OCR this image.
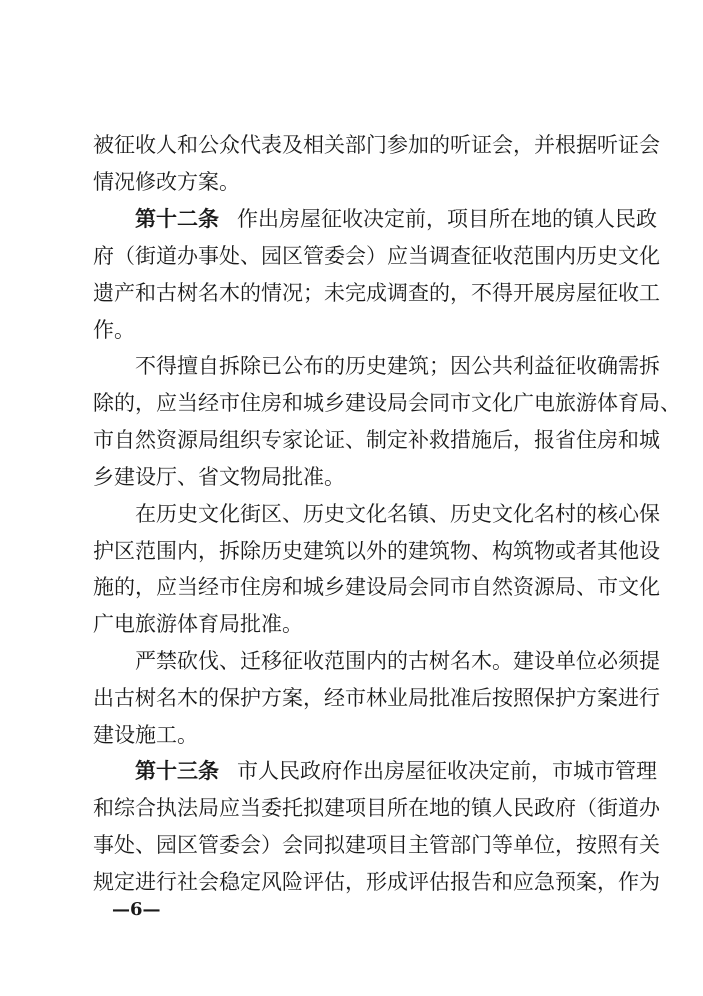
被征收人和公众代表及相关部门参加的听证会，并根据听证会
情况修改方案。
第十二条 作出房屋征收决定前，项目所在地的镇人民政
府（街道办事处、园区管委会）应当调查征收范围内历史文化
遗产和古树名木的情况；未完成调查的，不得开展房屋征收工
作。
不得擅自拆除已公布的历史建筑；因公共利益征收确需拆
除的，应当经市住房和城乡建设局会同市文化广电旅游体育局、
市自然资源局组织专家论证、制定补救措施后，报省住房和城
乡建设厅、省文物局批准。
在历史文化街区、历史文化名镇、历史文化名村的核心保
护区范围内，拆除历史建筑以外的建筑物、构筑物或者其他设
施的，应当经市住房和城乡建设局会同市自然资源局、市文化
广电旅游体育局批准。
严禁砍伐、迁移征收范围内的古树名木。建设单位必须提
出古树名木的保护方案，经市林业局批准后按照保护方案进行
建设施工。
第十三条 市人民政府作出房屋征收决定前，市城市管理
和综合执法局应当委托拟建项目所在地的镇人民政府（街道办
事处、园区管委会）会同拟建项目主管部门等单位，按照有关
规定进行社会稳定风险评估，形成评估报告和应急预案，作为
—6—
